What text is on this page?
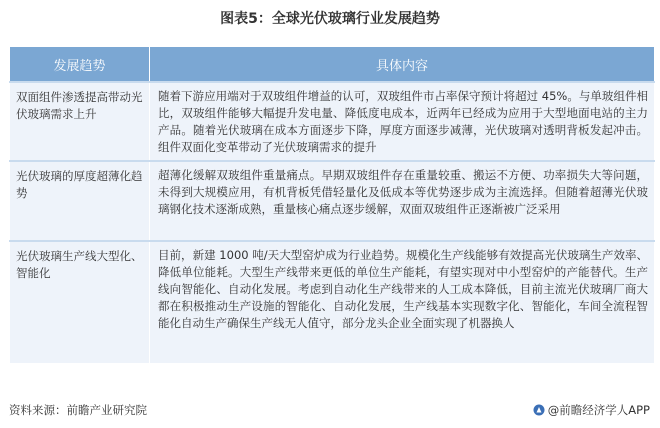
图表5：全球光伏玻璃行业发展趋势
发展趋势	具体内容
双面组件渗透提高带动光伏玻璃需求上升	随着下游应用端对于双玻组件增益的认可，双玻组件市占率保守预计将超过 45%。与单玻组件相比，双玻组件能够大幅提升发电量、降低度电成本，近两年已经成为应用于大型地面电站的主力产品。随着光伏玻璃在成本方面逐步下降，厚度方面逐步减薄，光伏玻璃对透明背板发起冲击。组件双面化变革带动了光伏玻璃需求的提升
光伏玻璃的厚度超薄化趋势	超薄化缓解双玻组件重量痛点。早期双玻组件存在重量较重、搬运不方便、功率损失大等问题，未得到大规模应用，有机背板凭借轻量化及低成本等优势逐步成为主流选择。但随着超薄光伏玻璃钢化技术逐渐成熟，重量核心痛点逐步缓解，双面双玻组件正逐渐被广泛采用
光伏玻璃生产线大型化、智能化	目前，新建 1000 吨/天大型窑炉成为行业趋势。规模化生产线能够有效提高光伏玻璃生产效率、降低单位能耗。大型生产线带来更低的单位生产能耗，有望实现对中小型窑炉的产能替代。生产线向智能化、自动化发展。考虑到自动化生产线带来的人工成本降低，目前主流光伏玻璃厂商大都在积极推动生产设施的智能化、自动化发展，生产线基本实现数字化、智能化，车间全流程智能化自动生产确保生产线无人值守，部分龙头企业全面实现了机器换人
资料来源：前瞻产业研究院	@前瞻经济学人APP
